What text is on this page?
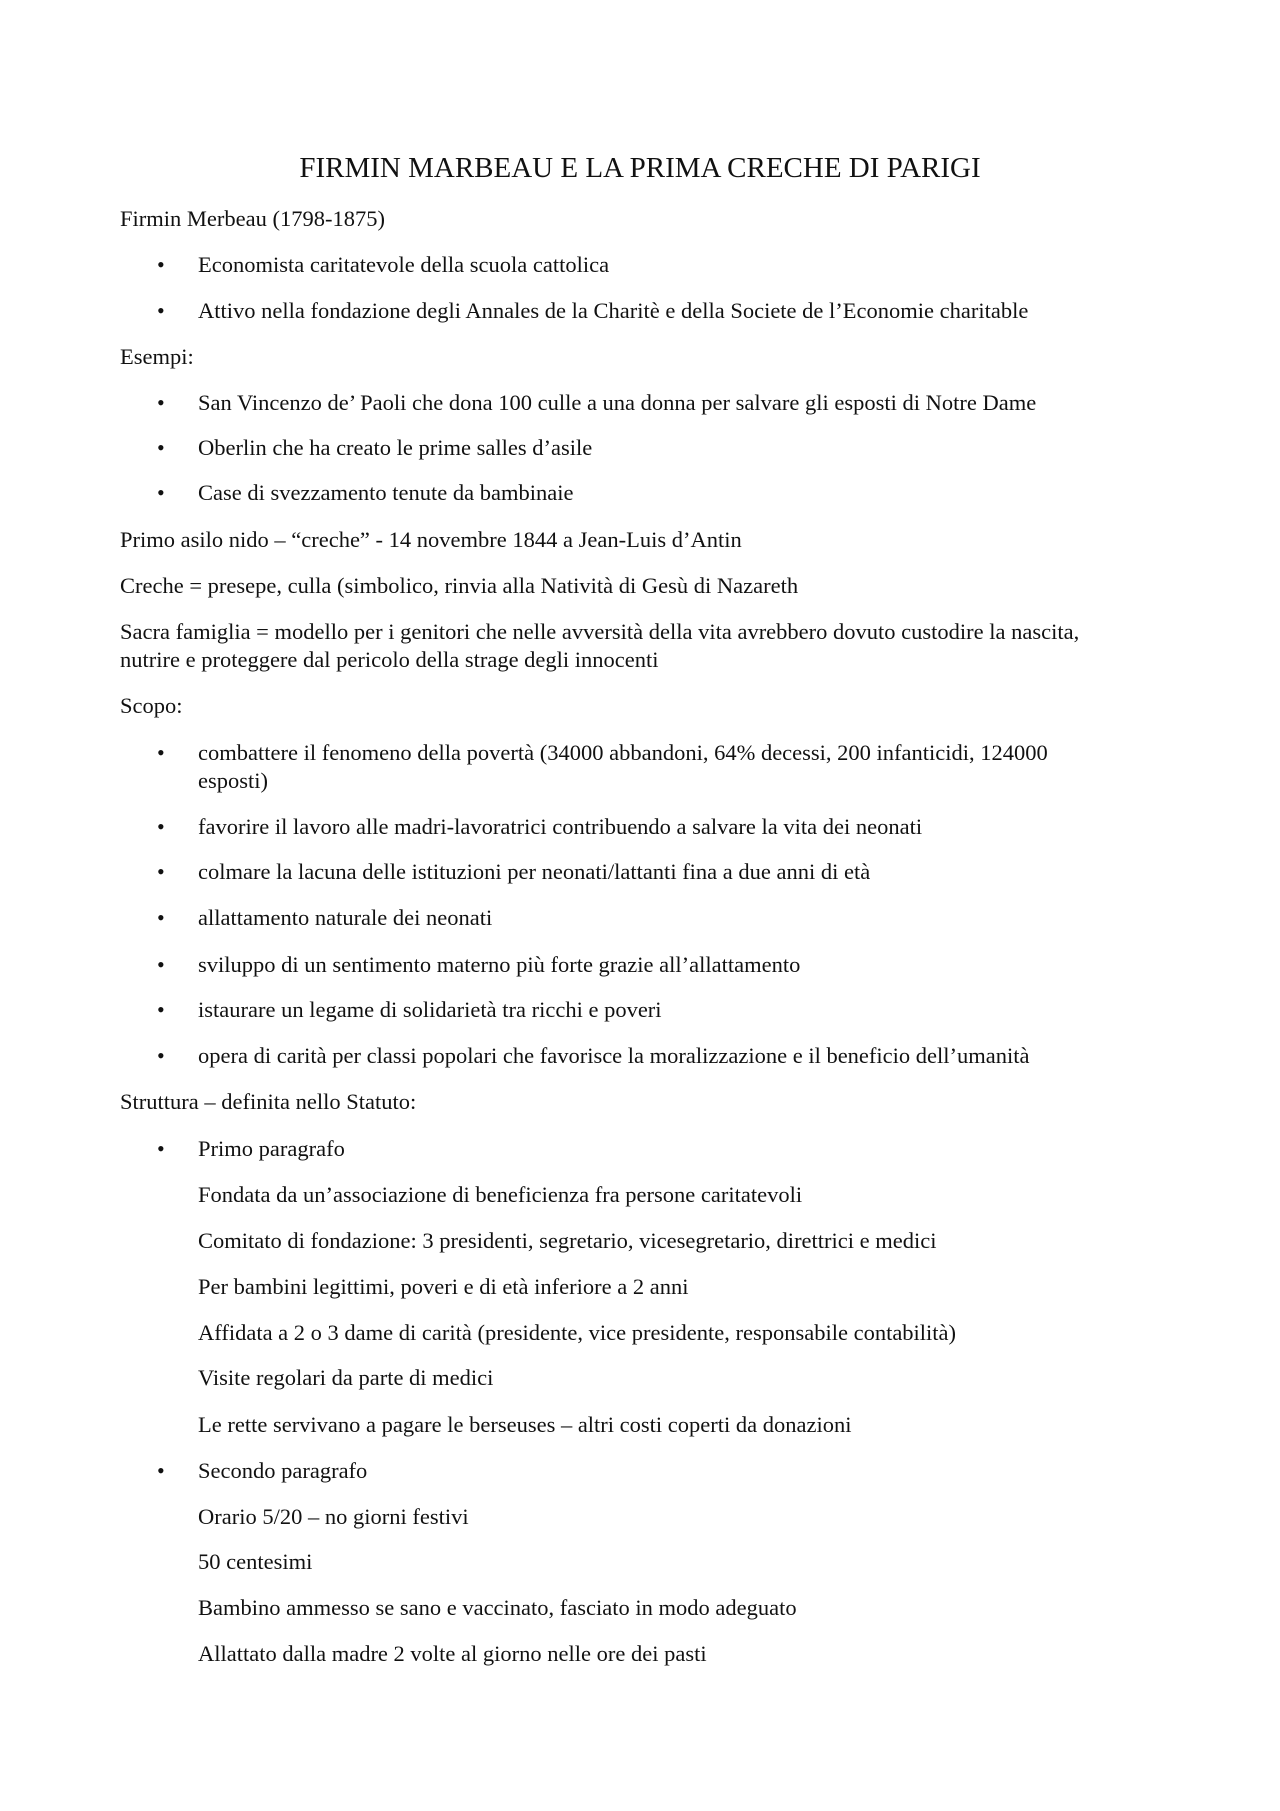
FIRMIN MARBEAU E LA PRIMA CRECHE DI PARIGI
Firmin Merbeau (1798-1875)
• Economista caritatevole della scuola cattolica
• Attivo nella fondazione degli Annales de la Charitè e della Societe de l’Economie charitable
Esempi:
• San Vincenzo de’ Paoli che dona 100 culle a una donna per salvare gli esposti di Notre Dame
• Oberlin che ha creato le prime salles d’asile
• Case di svezzamento tenute da bambinaie
Primo asilo nido – “creche” - 14 novembre 1844 a Jean-Luis d’Antin
Creche = presepe, culla (simbolico, rinvia alla Natività di Gesù di Nazareth
Sacra famiglia = modello per i genitori che nelle avversità della vita avrebbero dovuto custodire la nascita,
nutrire e proteggere dal pericolo della strage degli innocenti
Scopo:
• combattere il fenomeno della povertà (34000 abbandoni, 64% decessi, 200 infanticidi, 124000
esposti)
• favorire il lavoro alle madri-lavoratrici contribuendo a salvare la vita dei neonati
• colmare la lacuna delle istituzioni per neonati/lattanti fina a due anni di età
• allattamento naturale dei neonati
• sviluppo di un sentimento materno più forte grazie all’allattamento
• istaurare un legame di solidarietà tra ricchi e poveri
• opera di carità per classi popolari che favorisce la moralizzazione e il beneficio dell’umanità
Struttura – definita nello Statuto:
• Primo paragrafo
Fondata da un’associazione di beneficienza fra persone caritatevoli
Comitato di fondazione: 3 presidenti, segretario, vicesegretario, direttrici e medici
Per bambini legittimi, poveri e di età inferiore a 2 anni
Affidata a 2 o 3 dame di carità (presidente, vice presidente, responsabile contabilità)
Visite regolari da parte di medici
Le rette servivano a pagare le berseuses – altri costi coperti da donazioni
• Secondo paragrafo
Orario 5/20 – no giorni festivi
50 centesimi
Bambino ammesso se sano e vaccinato, fasciato in modo adeguato
Allattato dalla madre 2 volte al giorno nelle ore dei pasti
